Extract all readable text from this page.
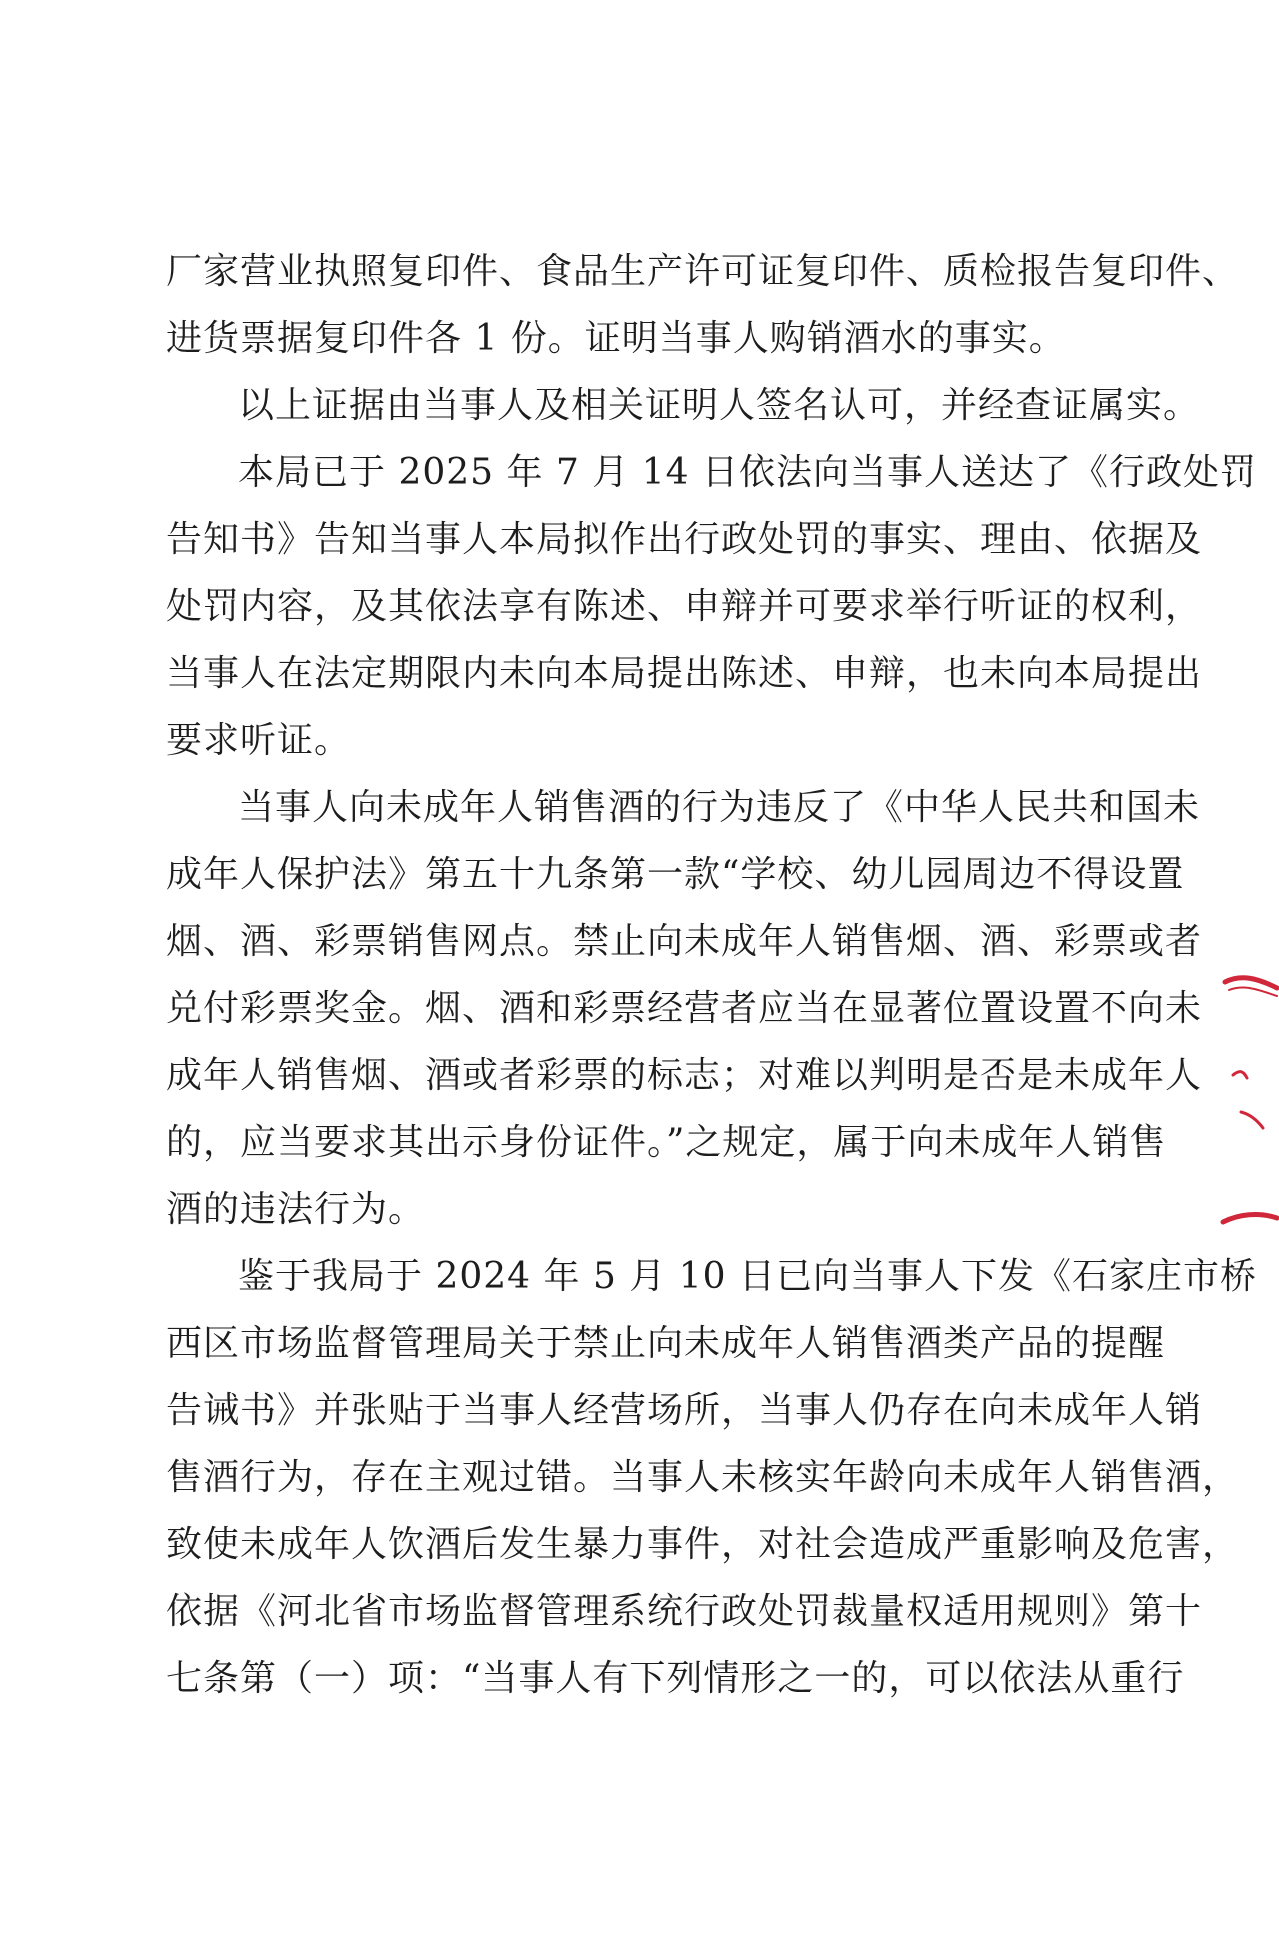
厂家营业执照复印件、食品生产许可证复印件、质检报告复印件、
进货票据复印件各 1 份。证明当事人购销酒水的事实。
以上证据由当事人及相关证明人签名认可，并经查证属实。
本局已于 2025 年 7 月 14 日依法向当事人送达了《行政处罚
告知书》告知当事人本局拟作出行政处罚的事实、理由、依据及
处罚内容，及其依法享有陈述、申辩并可要求举行听证的权利，
当事人在法定期限内未向本局提出陈述、申辩，也未向本局提出
要求听证。
当事人向未成年人销售酒的行为违反了《中华人民共和国未
成年人保护法》第五十九条第一款“学校、幼儿园周边不得设置
烟、酒、彩票销售网点。禁止向未成年人销售烟、酒、彩票或者
兑付彩票奖金。烟、酒和彩票经营者应当在显著位置设置不向未
成年人销售烟、酒或者彩票的标志；对难以判明是否是未成年人
的，应当要求其出示身份证件。”之规定，属于向未成年人销售
酒的违法行为。
鉴于我局于 2024 年 5 月 10 日已向当事人下发《石家庄市桥
西区市场监督管理局关于禁止向未成年人销售酒类产品的提醒
告诫书》并张贴于当事人经营场所，当事人仍存在向未成年人销
售酒行为，存在主观过错。当事人未核实年龄向未成年人销售酒，
致使未成年人饮酒后发生暴力事件，对社会造成严重影响及危害，
依据《河北省市场监督管理系统行政处罚裁量权适用规则》第十
七条第（一）项：“当事人有下列情形之一的，可以依法从重行
